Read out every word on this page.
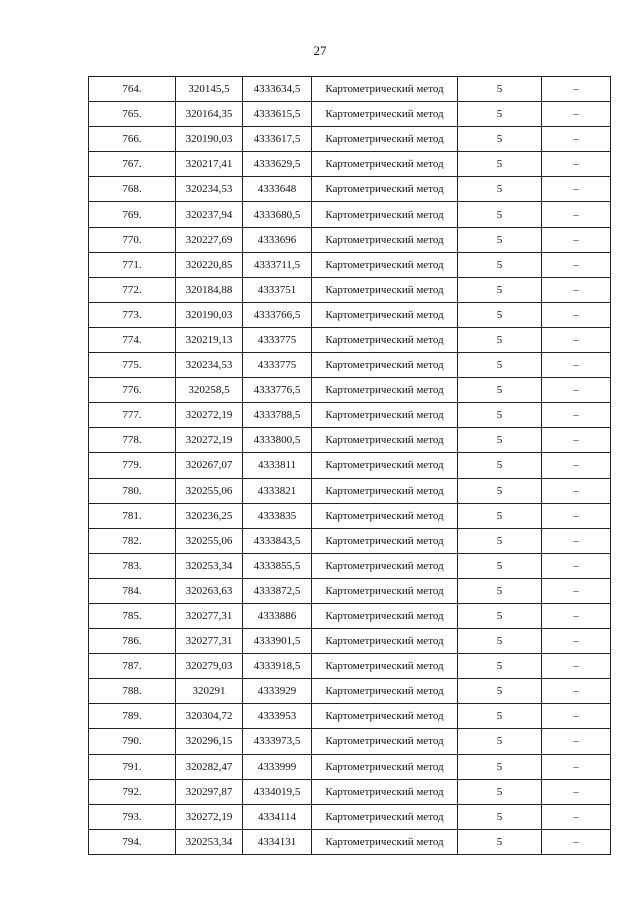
27
764.	320145,5	4333634,5	Картометрический метод	5	–
765.	320164,35	4333615,5	Картометрический метод	5	–
766.	320190,03	4333617,5	Картометрический метод	5	–
767.	320217,41	4333629,5	Картометрический метод	5	–
768.	320234,53	4333648	Картометрический метод	5	–
769.	320237,94	4333680,5	Картометрический метод	5	–
770.	320227,69	4333696	Картометрический метод	5	–
771.	320220,85	4333711,5	Картометрический метод	5	–
772.	320184,88	4333751	Картометрический метод	5	–
773.	320190,03	4333766,5	Картометрический метод	5	–
774.	320219,13	4333775	Картометрический метод	5	–
775.	320234,53	4333775	Картометрический метод	5	–
776.	320258,5	4333776,5	Картометрический метод	5	–
777.	320272,19	4333788,5	Картометрический метод	5	–
778.	320272,19	4333800,5	Картометрический метод	5	–
779.	320267,07	4333811	Картометрический метод	5	–
780.	320255,06	4333821	Картометрический метод	5	–
781.	320236,25	4333835	Картометрический метод	5	–
782.	320255,06	4333843,5	Картометрический метод	5	–
783.	320253,34	4333855,5	Картометрический метод	5	–
784.	320263,63	4333872,5	Картометрический метод	5	–
785.	320277,31	4333886	Картометрический метод	5	–
786.	320277,31	4333901,5	Картометрический метод	5	–
787.	320279,03	4333918,5	Картометрический метод	5	–
788.	320291	4333929	Картометрический метод	5	–
789.	320304,72	4333953	Картометрический метод	5	–
790.	320296,15	4333973,5	Картометрический метод	5	–
791.	320282,47	4333999	Картометрический метод	5	–
792.	320297,87	4334019,5	Картометрический метод	5	–
793.	320272,19	4334114	Картометрический метод	5	–
794.	320253,34	4334131	Картометрический метод	5	–
